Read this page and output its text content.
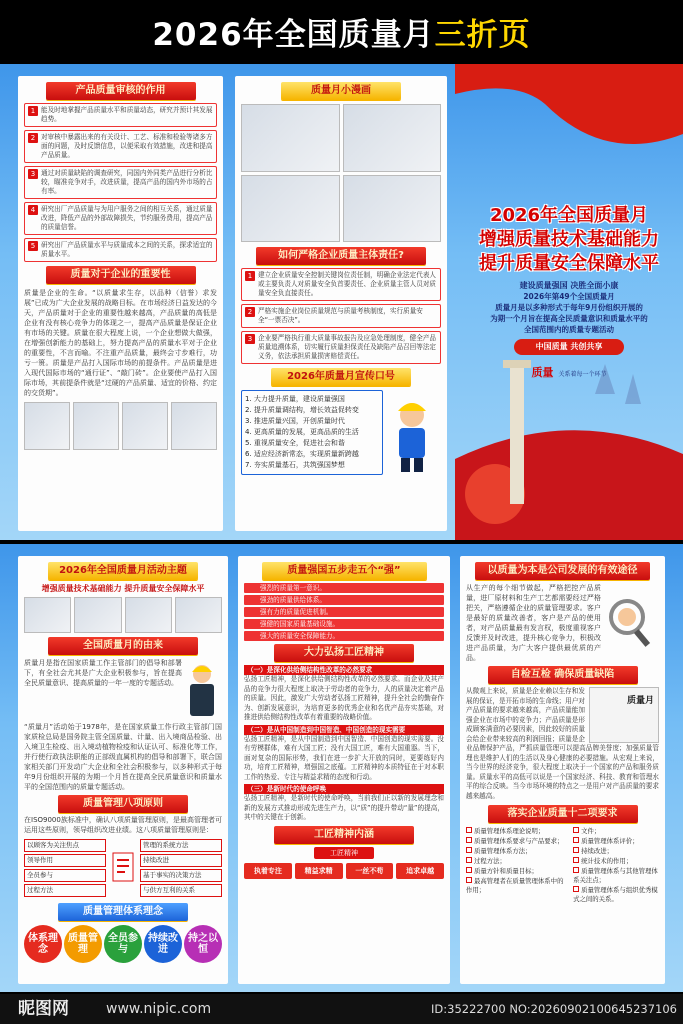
2026年全国质量月 三折页
产品质量审核的作用
1 能及时地掌握产品质量水平和质量动态，研究并预计其发展趋势。
2 对审核中暴露出来的有关设计、工艺、标准和检验等诸多方面的问题，及时反馈信息，以便采取有效措施，改进和提高产品质量。
3 通过对质量缺陷的调查研究，同国内外同类产品进行分析比较，瞄准竞争对手，改进质量，提高产品的国内外市场的占有率。
4 研究出厂产品质量与为用户服务之间的相互关系，通过质量改进，降低产品的外部故障损失，节约服务费用，提高产品的质量信誉。
5 研究出厂产品质量水平与质量成本之间的关系，探求适宜的质量水平。
质量对于企业的重要性
质量是企业的生命。“以质量求生存，以品种（信誉）求发展”已成为广大企业发展的战略目标。在市场经济日益发达的今天，产品质量对于企业的重要性越来越高，产品质量的高低是企业有没有核心竞争力的体现之一，提高产品质量是保证企业有市场的关键。质量在很大程度上说，一个企业想做大做强，在增强创新能力的基础上，努力提高产品的质量水平对于企业的重要性，不言而喻。不注重产品质量，最终会寸步难行，功亏一篑。质量是产品打入国际市场的前提条件。产品质量是进入现代国际市场的“通行证”、“敲门砖”。企业要使产品打入国际市场，其前提条件就是“过硬的产品质量、适宜的价格、约定的交货期”。
质量月小漫画
如何严格企业质量主体责任?
1 建立企业质量安全控制关键岗位责任制，明确企业法定代表人或主要负责人对质量安全负首要责任、企业质量主管人员对质量安全负直接责任。
2 严格实施企业岗位质量规范与质量考核制度，实行质量安全“一票否决”。
3 企业要严格执行重大质量事故报告及应急处理制度，健全产品质量追溯体系，切实履行质量担保责任及缺陷产品召回等法定义务，依法承担质量损害赔偿责任。
2026年质量月宣传口号
1. 大力提升质量，建设质量强国
2. 提升质量调结构，增长效益促转变
3. 推进质量兴国，开创质量时代
4. 更高质量的发展，更高品质的生活
5. 重视质量安全，促进社会和谐
6. 适应经济新常态，实现质量新跨越
7. 夯实质量基石，共筑强国梦想
2026年全国质量月
增强质量技术基础能力
提升质量安全保障水平
建设质量强国 决胜全面小康
2026年第49个全国质量月
质量月是以多种形式于每年9月份组织开展的
为期一个月旨在提高全民质量意识和质量水平的
全国范围内的质量专题活动
中国质量 共创共享
质量 关系着每一个环节
2026年全国质量月活动主题
增强质量技术基础能力 提升质量安全保障水平
全国质量月的由来
质量月是指在国家质量工作主管部门的倡导和部署下，有全社会尤其是广大企业积极参与，旨在提高全民质量意识、提高质量的一年一度的专题活动。
“质量月”活动始于1978年，是在国家质量工作行政主管部门国家质检总局是国务院主管全国质量、计量、出入境商品检验、出入境卫生检疫、出入境动植物检疫和认证认可、标准化等工作，并行使行政执法职能的正部级直属机构的倡导和部署下，联合国家相关部门开发动广大企业和全社会积极参与，以多种形式于每年9月份组织开展的为期一个月旨在提高全民质量意识和质量水平的全国范围内的质量专题活动。
质量管理八项原则
在ISO9000族标准中，确认八项质量管理原则，是最高管理者可运用这些原则，领导组织改进业绩。这八项质量管理原则是：
以顾客为关注焦点
领导作用
全员参与
过程方法
管理的系统方法
持续改进
基于事实的决策方法
与供方互利的关系
质量管理体系理念
体系理念
质量管理
全员参与
持续改进
持之以恒
质量强国五步走五个“强”
强烈的质量第一意识。
强劲的质量供给体系。
强有力的质量促进机制。
强健的国家质量基础设施。
强大的质量安全保障能力。
大力弘扬工匠精神
（一）是深化供给侧结构性改革的必然要求
弘扬工匠精神，是深化供给侧结构性改革的必然要求。而企业及其产品的竞争力很大程度上取决于劳动者的竞争力，人的质量决定着产品的质量。因此，激发广大劳动者弘扬工匠精神，提升全社会的勤奋作为、创新发展意识，为培育更多的优秀企业和名优产品夯实基础，对推进供给侧结构性改革有着重要的战略价值。
（二）是从中国制造到中国智造、中国创造的现实需要
弘扬工匠精神，是从中国制造到中国智造、中国创造的现实需要。没有劳模群体，难有大国工匠；没有大国工匠，难有大国重器。当下，面对复杂的国际形势，我们在进一步扩大开放的同时，更要练好内功，培育工匠精神，增强国之底蕴。工匠精神的本质特征在于对本职工作的热爱、专注与精益求精的态度和行动。
（三）是新时代的使命呼唤
弘扬工匠精神，是新时代的使命呼唤，当前我们正以新的发展理念和新的发展方式推动形成先进生产力，以“质”的提升带动“量”的提高，其中的关键在于创新。
工匠精神内涵
工匠精神
执着专注	精益求精	一丝不苟	追求卓越
以质量为本是公司发展的有效途径
从生产的每个细节做起，严格把控产品质量，进厂原材料和生产工艺都需要经过严格把关，严格遵循企业的质量管理要求。客户是最好的质量改善者，客户是产品的使用者，对产品质量最有发言权，极度重视客户反馈并及时改进，提升核心竞争力，积极改进产品质量，为广大客户提供最优质的产品。
自检互检 确保质量缺陷
质量月
从微观上来说，质量是企业赖以生存和发展的保证，是开拓市场的生命线；用户对产品质量的要求越来越高，产品质量能加强企业在市场中的竞争力；产品质量是形成顾客满意的必要因素，因此较好的质量会给企业带来较高的利润回报；质量是企业品牌保护产品，严抓质量管理可以提高品牌美誉度；加强质量管理也是维护人们的生活以及身心健康的必要措施。从宏观上来说，当今世界的经济竞争，很大程度上取决于一个国家的产品和服务质量。质量水平的高低可以说是一个国家经济、科技、教育和管理水平的综合反映。当今市场环境的特点之一是用户对产品质量的要求越来越高。
落实企业质量十二项要求
质量管理体系理论说明；
质量管理体系要求与产品要求；
质量管理体系方法；
过程方法；
质量方针和质量目标；
最高管理者在质量管理体系中的作用；
文件；
质量管理体系评价；
持续改进；
统计技术的作用；
质量管理体系与其他管理体系关注点；
质量管理体系与组织优秀模式之间的关系。
昵图网	www.nipic.com	ID:35222700 NO:20260902100645237106
